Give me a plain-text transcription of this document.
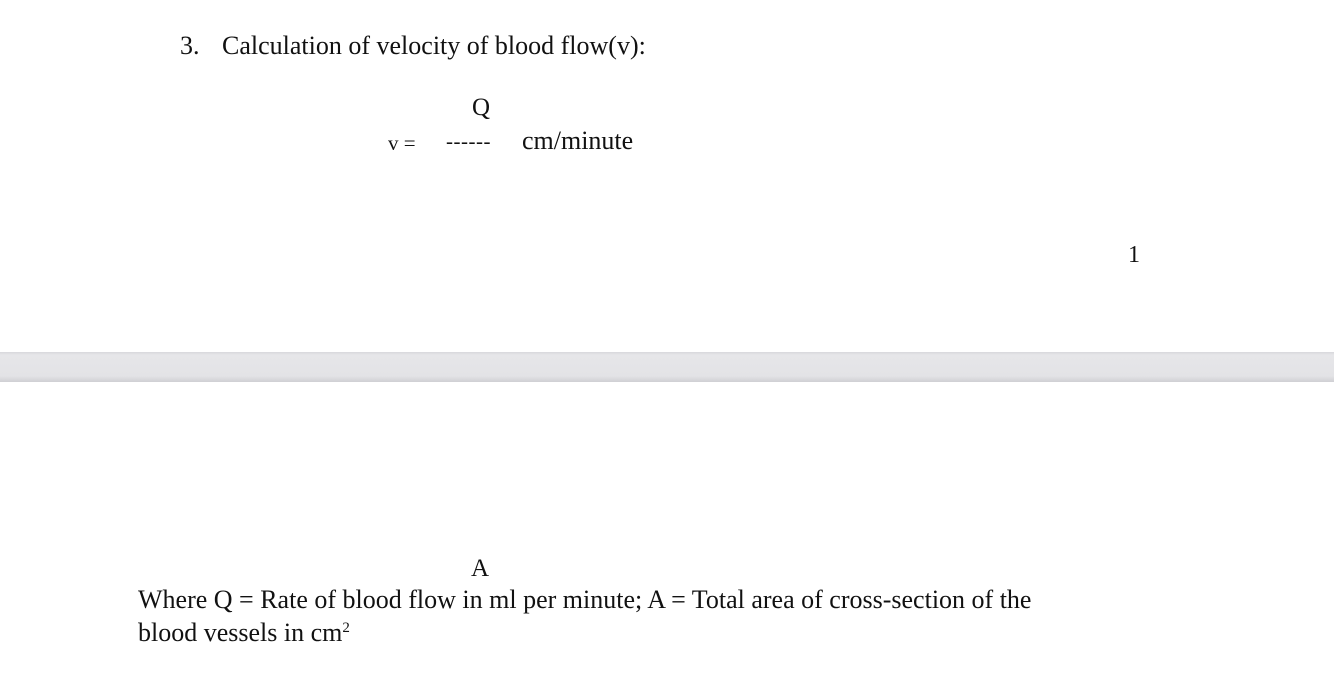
3. Calculation of velocity of blood flow(v):
Q
v = ------ cm/minute
1
A
Where Q = Rate of blood flow in ml per minute; A = Total area of cross-section of the
blood vessels in $cm^2$
